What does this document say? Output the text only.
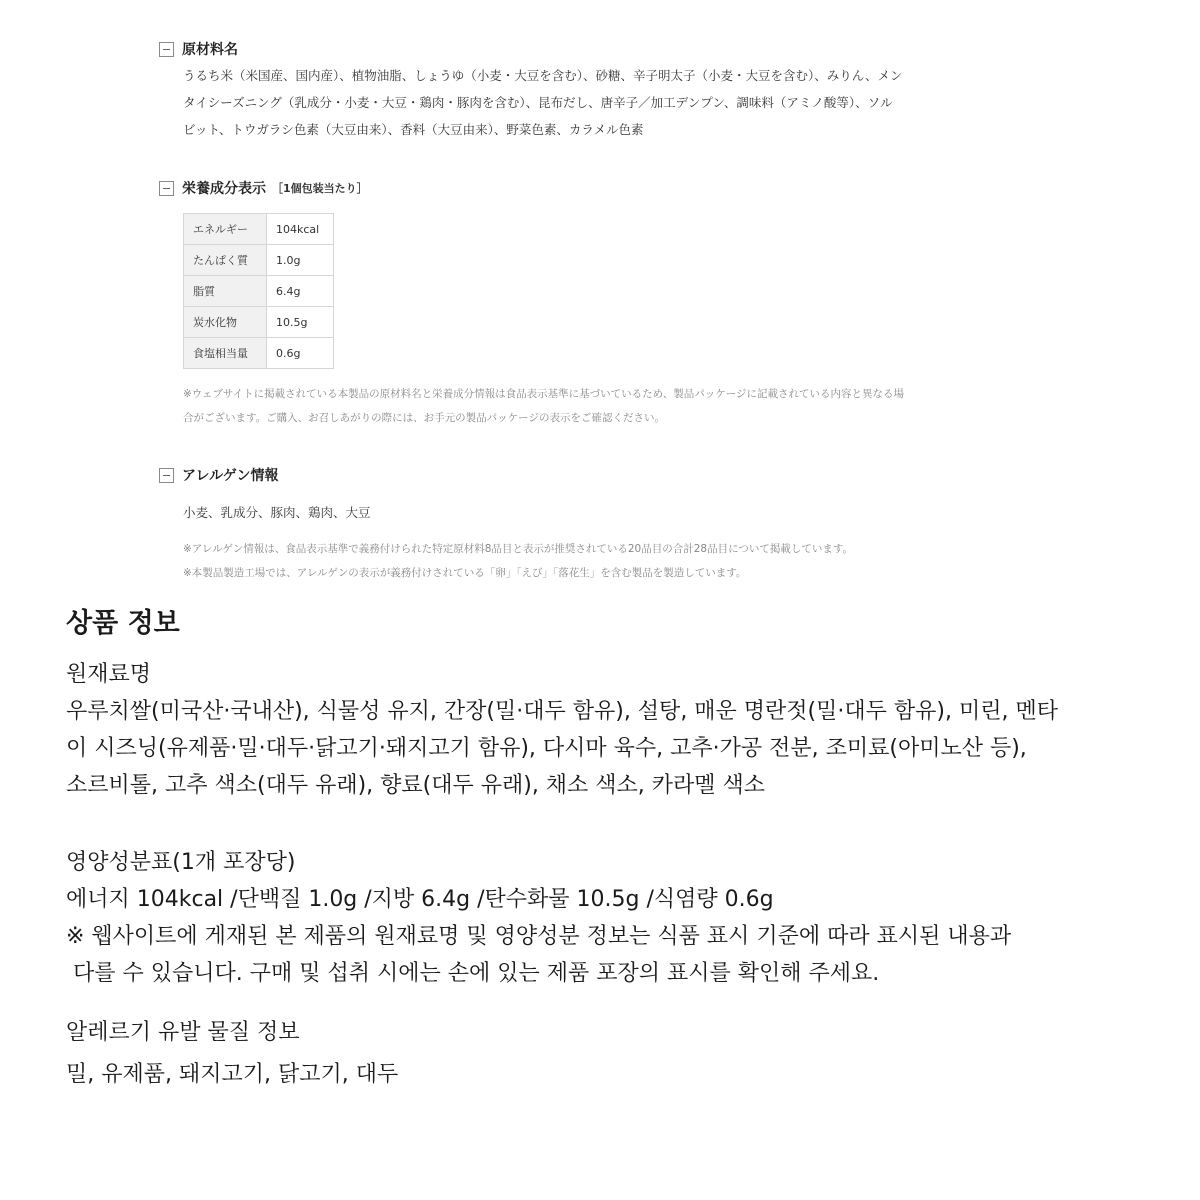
原材料名
うるち米（米国産、国内産）、植物油脂、しょうゆ（小麦・大豆を含む）、砂糖、辛子明太子（小麦・大豆を含む）、みりん、メン
タイシーズニング（乳成分・小麦・大豆・鶏肉・豚肉を含む）、昆布だし、唐辛子／加工デンプン、調味料（アミノ酸等）、ソル
ビット、トウガラシ色素（大豆由来）、香料（大豆由来）、野菜色素、カラメル色素
栄養成分表示 ［1個包装当たり］
エネルギー	104kcal
たんぱく質	1.0g
脂質	6.4g
炭水化物	10.5g
食塩相当量	0.6g
※ウェブサイトに掲載されている本製品の原材料名と栄養成分情報は食品表示基準に基づいているため、製品パッケージに記載されている内容と異なる場
合がございます。ご購入、お召しあがりの際には、お手元の製品パッケージの表示をご確認ください。
アレルゲン情報
小麦、乳成分、豚肉、鶏肉、大豆
※アレルゲン情報は、食品表示基準で義務付けられた特定原材料8品目と表示が推奨されている20品目の合計28品目について掲載しています。
※本製品製造工場では、アレルゲンの表示が義務付けされている「卵」「えび」「落花生」を含む製品を製造しています。
상품 정보
원재료명
우루치쌀(미국산·국내산), 식물성 유지, 간장(밀·대두 함유), 설탕, 매운 명란젓(밀·대두 함유), 미린, 멘타
이 시즈닝(유제품·밀·대두·닭고기·돼지고기 함유), 다시마 육수, 고추·가공 전분, 조미료(아미노산 등),
소르비톨, 고추 색소(대두 유래), 향료(대두 유래), 채소 색소, 카라멜 색소
영양성분표(1개 포장당)
에너지 104kcal /단백질 1.0g /지방 6.4g /탄수화물 10.5g /식염량 0.6g
※ 웹사이트에 게재된 본 제품의 원재료명 및 영양성분 정보는 식품 표시 기준에 따라 표시된 내용과
다를 수 있습니다. 구매 및 섭취 시에는 손에 있는 제품 포장의 표시를 확인해 주세요.
알레르기 유발 물질 정보
밀, 유제품, 돼지고기, 닭고기, 대두
